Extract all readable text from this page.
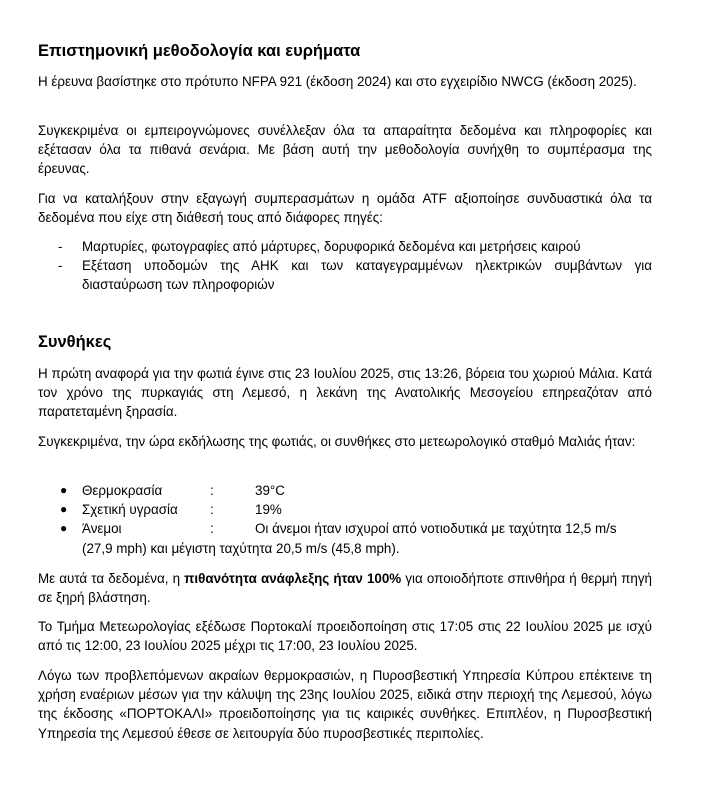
Επιστημονική μεθοδολογία και ευρήματα

Η έρευνα βασίστηκε στο πρότυπο NFPA 921 (έκδοση 2024) και στο εγχειρίδιο NWCG (έκδοση 2025).

Συγκεκριμένα οι εμπειρογνώμονες συνέλλεξαν όλα τα απαραίτητα δεδομένα και πληροφορίες και εξέτασαν όλα τα πιθανά σενάρια. Με βάση αυτή την μεθοδολογία συνήχθη το συμπέρασμα της έρευνας.

Για να καταλήξουν στην εξαγωγή συμπερασμάτων η ομάδα ATF αξιοποίησε συνδυαστικά όλα τα δεδομένα που είχε στη διάθεσή τους από διάφορες πηγές:

- Μαρτυρίες, φωτογραφίες από μάρτυρες, δορυφορικά δεδομένα και μετρήσεις καιρού
- Εξέταση υποδομών της ΑΗΚ και των καταγεγραμμένων ηλεκτρικών συμβάντων για διασταύρωση των πληροφοριών
Συνθήκες

Η πρώτη αναφορά για την φωτιά έγινε στις 23 Ιουλίου 2025, στις 13:26, βόρεια του χωριού Μάλια. Κατά τον χρόνο της πυρκαγιάς στη Λεμεσό, η λεκάνη της Ανατολικής Μεσογείου επηρεαζόταν από παρατεταμένη ξηρασία.

Συγκεκριμένα, την ώρα εκδήλωσης της φωτιάς, οι συνθήκες στο μετεωρολογικό σταθμό Μαλιάς ήταν:

● Θερμοκρασία	:	39°C
● Σχετική υγρασία :	19%
● Άνεμοι	:	Οι άνεμοι ήταν ισχυροί από νοτιοδυτικά με ταχύτητα 12,5 m/s
(27,9 mph) και μέγιστη ταχύτητα 20,5 m/s (45,8 mph).

Με αυτά τα δεδομένα, η πιθανότητα ανάφλεξης ήταν 100% για οποιοδήποτε σπινθήρα ή θερμή πηγή σε ξηρή βλάστηση.

Το Τμήμα Μετεωρολογίας εξέδωσε Πορτοκαλί προειδοποίηση στις 17:05 στις 22 Ιουλίου 2025 με ισχύ από τις 12:00, 23 Ιουλίου 2025 μέχρι τις 17:00, 23 Ιουλίου 2025.

Λόγω των προβλεπόμενων ακραίων θερμοκρασιών, η Πυροσβεστική Υπηρεσία Κύπρου επέκτεινε τη χρήση εναέριων μέσων για την κάλυψη της 23ης Ιουλίου 2025, ειδικά στην περιοχή της Λεμεσού, λόγω της έκδοσης «ΠΟΡΤΟΚΑΛΙ» προειδοποίησης για τις καιρικές συνθήκες. Επιπλέον, η Πυροσβεστική Υπηρεσία της Λεμεσού έθεσε σε λειτουργία δύο πυροσβεστικές περιπολίες.
